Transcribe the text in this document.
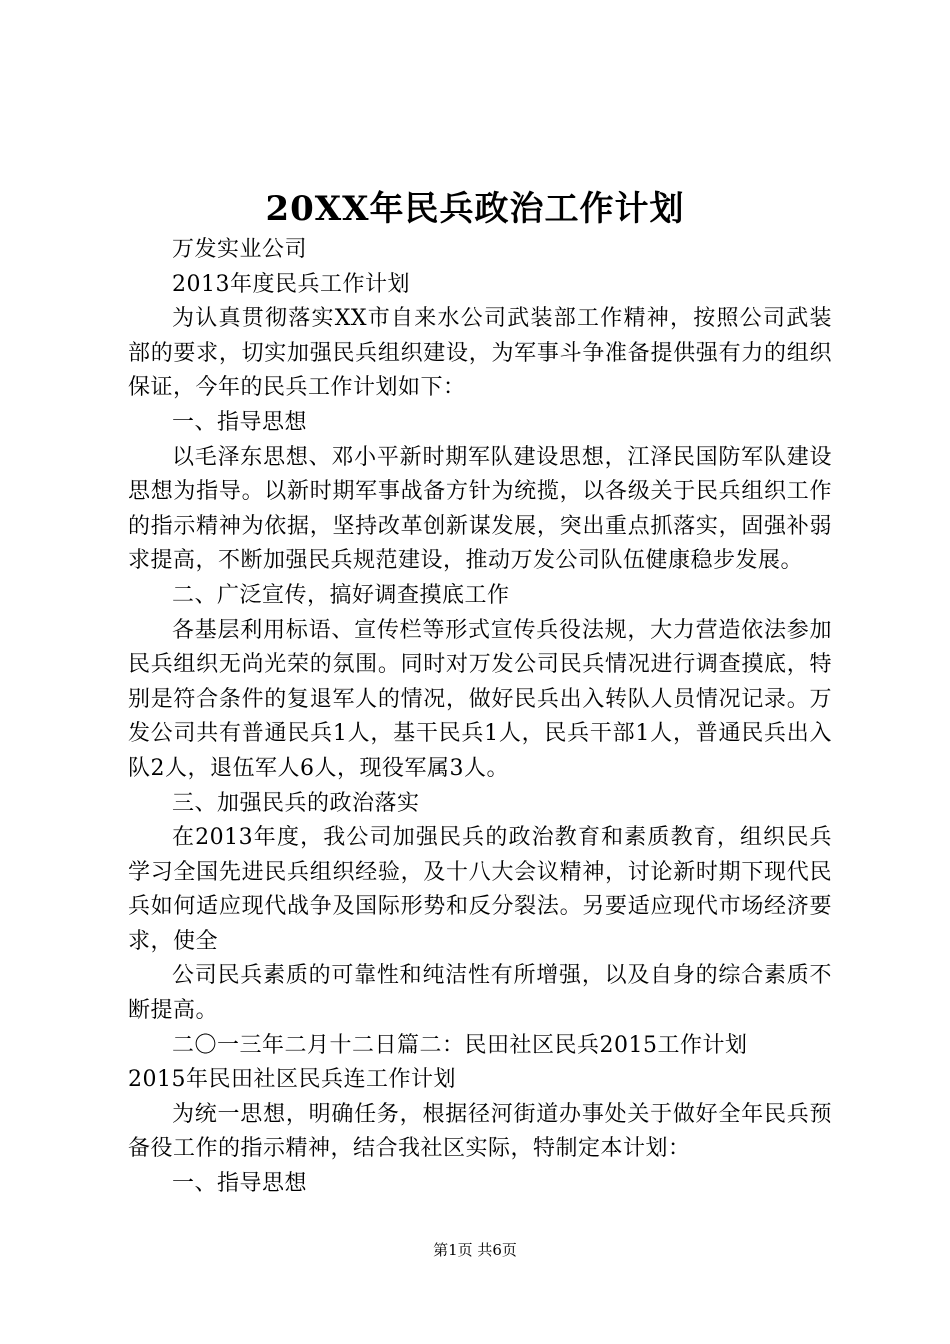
20XX年民兵政治工作计划

万发实业公司

2013年度民兵工作计划

为认真贯彻落实XX市自来水公司武装部工作精神，按照公司武装部的要求，切实加强民兵组织建设，为军事斗争准备提供强有力的组织保证，今年的民兵工作计划如下：

一、指导思想

以毛泽东思想、邓小平新时期军队建设思想，江泽民国防军队建设思想为指导。以新时期军事战备方针为统揽，以各级关于民兵组织工作的指示精神为依据，坚持改革创新谋发展，突出重点抓落实，固强补弱求提高，不断加强民兵规范建设，推动万发公司队伍健康稳步发展。

二、广泛宣传，搞好调查摸底工作

各基层利用标语、宣传栏等形式宣传兵役法规，大力营造依法参加民兵组织无尚光荣的氛围。同时对万发公司民兵情况进行调查摸底，特别是符合条件的复退军人的情况，做好民兵出入转队人员情况记录。万发公司共有普通民兵1人，基干民兵1人，民兵干部1人，普通民兵出入队2人，退伍军人6人，现役军属3人。

三、加强民兵的政治落实

在2013年度，我公司加强民兵的政治教育和素质教育，组织民兵学习全国先进民兵组织经验，及十八大会议精神，讨论新时期下现代民兵如何适应现代战争及国际形势和反分裂法。另要适应现代市场经济要求，使全

公司民兵素质的可靠性和纯洁性有所增强，以及自身的综合素质不断提高。

二〇一三年二月十二日篇二：民田社区民兵2015工作计划

2015年民田社区民兵连工作计划

为统一思想，明确任务，根据径河街道办事处关于做好全年民兵预备役工作的指示精神，结合我社区实际，特制定本计划：

一、指导思想

第1页 共6页
